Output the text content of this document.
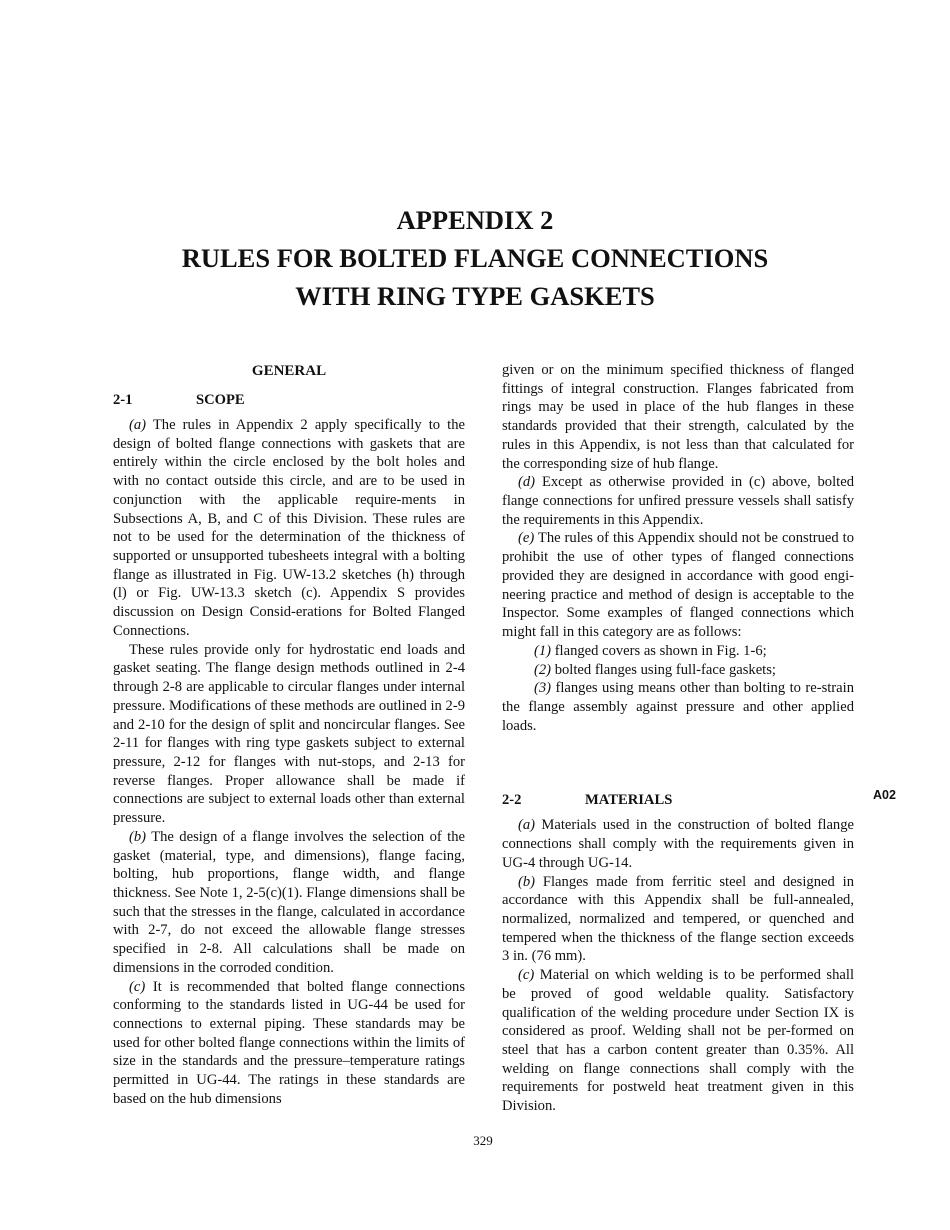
APPENDIX 2
RULES FOR BOLTED FLANGE CONNECTIONS
WITH RING TYPE GASKETS
GENERAL
2-1	SCOPE

(a) The rules in Appendix 2 apply specifically to the design of bolted flange connections with gaskets that are entirely within the circle enclosed by the bolt holes and with no contact outside this circle, and are to be used in conjunction with the applicable require-ments in Subsections A, B, and C of this Division. These rules are not to be used for the determination of the thickness of supported or unsupported tubesheets integral with a bolting flange as illustrated in Fig. UW-13.2 sketches (h) through (l) or Fig. UW-13.3 sketch (c). Appendix S provides discussion on Design Consid-erations for Bolted Flanged Connections.

These rules provide only for hydrostatic end loads and gasket seating. The flange design methods outlined in 2-4 through 2-8 are applicable to circular flanges under internal pressure. Modifications of these methods are outlined in 2-9 and 2-10 for the design of split and noncircular flanges. See 2-11 for flanges with ring type gaskets subject to external pressure, 2-12 for flanges with nut-stops, and 2-13 for reverse flanges. Proper allowance shall be made if connections are subject to external loads other than external pressure.

(b) The design of a flange involves the selection of the gasket (material, type, and dimensions), flange facing, bolting, hub proportions, flange width, and flange thickness. See Note 1, 2-5(c)(1). Flange dimensions shall be such that the stresses in the flange, calculated in accordance with 2-7, do not exceed the allowable flange stresses specified in 2-8. All calculations shall be made on dimensions in the corroded condition.

(c) It is recommended that bolted flange connections conforming to the standards listed in UG-44 be used for connections to external piping. These standards may be used for other bolted flange connections within the limits of size in the standards and the pressure–temperature ratings permitted in UG-44. The ratings in these standards are based on the hub dimensions

given or on the minimum specified thickness of flanged fittings of integral construction. Flanges fabricated from rings may be used in place of the hub flanges in these standards provided that their strength, calculated by the rules in this Appendix, is not less than that calculated for the corresponding size of hub flange.

(d) Except as otherwise provided in (c) above, bolted flange connections for unfired pressure vessels shall satisfy the requirements in this Appendix.

(e) The rules of this Appendix should not be construed to prohibit the use of other types of flanged connections provided they are designed in accordance with good engi-neering practice and method of design is acceptable to the Inspector. Some examples of flanged connections which might fall in this category are as follows:

(1) flanged covers as shown in Fig. 1-6;

(2) bolted flanges using full-face gaskets;

(3) flanges using means other than bolting to re-strain the flange assembly against pressure and other applied loads.

2-2	MATERIALS

(a) Materials used in the construction of bolted flange connections shall comply with the requirements given in UG-4 through UG-14.

(b) Flanges made from ferritic steel and designed in accordance with this Appendix shall be full-annealed, normalized, normalized and tempered, or quenched and tempered when the thickness of the flange section exceeds 3 in. (76 mm).

(c) Material on which welding is to be performed shall be proved of good weldable quality. Satisfactory qualification of the welding procedure under Section IX is considered as proof. Welding shall not be per-formed on steel that has a carbon content greater than 0.35%. All welding on flange connections shall comply with the requirements for postweld heat treatment given in this Division.

A02
329
